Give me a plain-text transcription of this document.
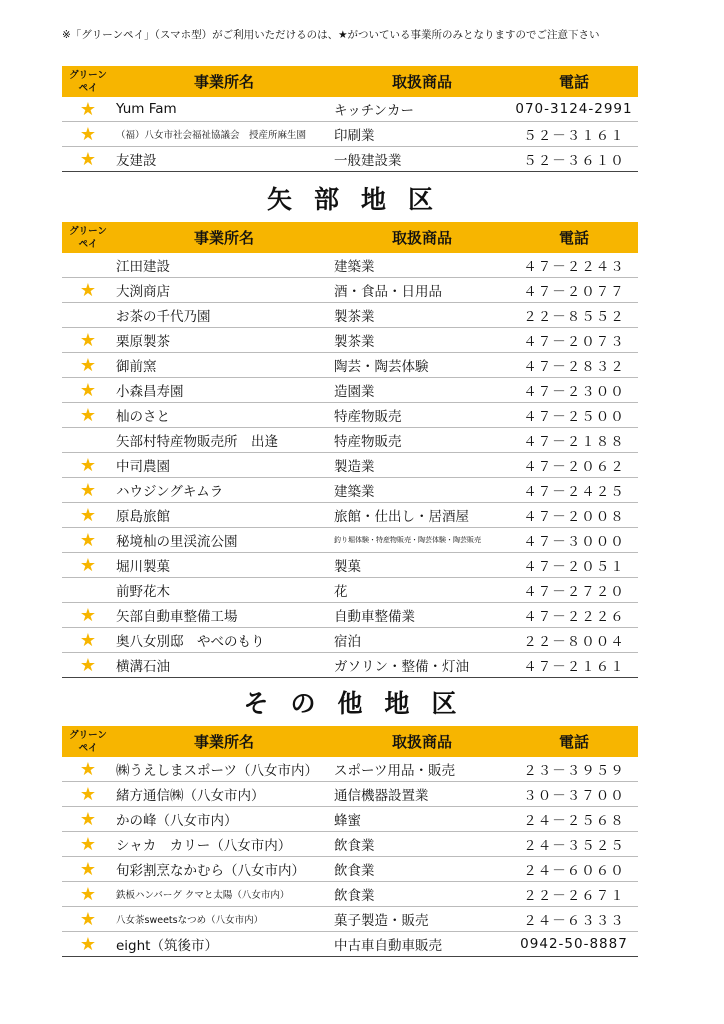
※「グリーンペイ」（スマホ型）がご利用いただけるのは、★がついている事業所のみとなりますのでご注意下さい
グリーン
ペイ	事業所名	取扱商品	電話
★	Yum Fam	キッチンカー	070-3124-2991
★	（福）八女市社会福祉協議会　授産所麻生園	印刷業	５２－３１６１
★	友建設	一般建設業	５２－３６１０
矢部地区
グリーン
ペイ	事業所名	取扱商品	電話
	江田建設	建築業	４７－２２４３
★	大渕商店	酒・食品・日用品	４７－２０７７
	お茶の千代乃園	製茶業	２２－８５５２
★	栗原製茶	製茶業	４７－２０７３
★	御前窯	陶芸・陶芸体験	４７－２８３２
★	小森昌寿園	造園業	４７－２３００
★	杣のさと	特産物販売	４７－２５００
	矢部村特産物販売所　出逢	特産物販売	４７－２１８８
★	中司農園	製造業	４７－２０６２
★	ハウジングキムラ	建築業	４７－２４２５
★	原島旅館	旅館・仕出し・居酒屋	４７－２００８
★	秘境杣の里渓流公園	釣り堀体験・特産物販売・陶芸体験・陶芸販売	４７－３０００
★	堀川製菓	製菓	４７－２０５１
	前野花木	花	４７－２７２０
★	矢部自動車整備工場	自動車整備業	４７－２２２６
★	奥八女別邸　やべのもり	宿泊	２２－８００４
★	横溝石油	ガソリン・整備・灯油	４７－２１６１
その他地区
グリーン
ペイ	事業所名	取扱商品	電話
★	㈱うえしまスポーツ（八女市内）	スポーツ用品・販売	２３－３９５９
★	緒方通信㈱（八女市内）	通信機器設置業	３０－３７００
★	かの峰（八女市内）	蜂蜜	２４－２５６８
★	シャカ　カリー（八女市内）	飲食業	２４－３５２５
★	旬彩割烹なかむら（八女市内）	飲食業	２４－６０６０
★	鉄板ハンバーグ クマと太陽（八女市内）	飲食業	２２－２６７１
★	八女茶sweetsなつめ（八女市内）	菓子製造・販売	２４－６３３３
★	eight（筑後市）	中古車自動車販売	0942-50-8887
